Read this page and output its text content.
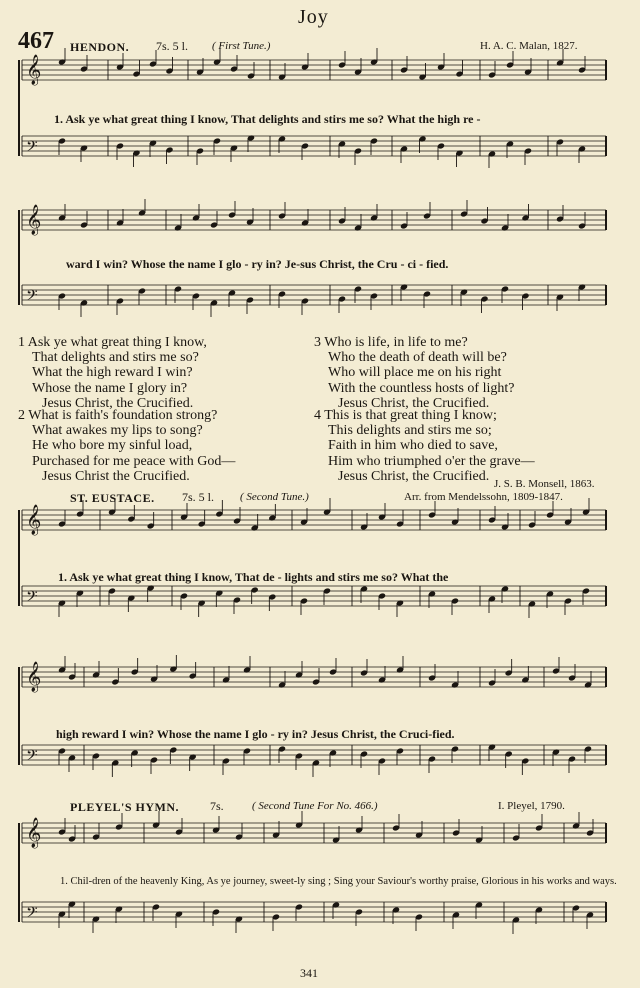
Joy
467 HENDON. 7s. 5 l. ( First Tune.)	H. A. C. Malan, 1827.
𝄞
𝄢
𝄞
𝄢
𝄞
𝄢
𝄞
𝄢
𝄞
𝄢
1. Ask ye what great thing I know, That delights and stirs me so? What the high re -
ward I win? Whose the name I glo - ry in? Je-sus Christ, the Cru - ci - fied.
1 Ask ye what great thing I know,
That delights and stirs me so?
What the high reward I win?
Whose the name I glory in?
Jesus Christ, the Crucified.
2 What is faith's foundation strong?
What awakes my lips to song?
He who bore my sinful load,
Purchased for me peace with God—
Jesus Christ the Crucified.
3 Who is life, in life to me?
Who the death of death will be?
Who will place me on his right
With the countless hosts of light?
Jesus Christ, the Crucified.
4 This is that great thing I know;
This delights and stirs me so;
Faith in him who died to save,
Him who triumphed o'er the grave—
Jesus Christ, the Crucified.
J. S. B. Monsell, 1863.
ST. EUSTACE. 7s. 5 l. ( Second Tune.)	Arr. from Mendelssohn, 1809-1847.
1. Ask ye what great thing I know, That de - lights and stirs me so? What the
high reward I win? Whose the name I glo - ry in? Jesus Christ, the Cruci-fied.
PLEYEL'S HYMN.	7s.	( Second Tune For No. 466.)	I. Pleyel, 1790.
1. Chil-dren of the heavenly King, As ye journey, sweet-ly sing ; Sing your Saviour's worthy praise, Glorious in his works and ways.
341
